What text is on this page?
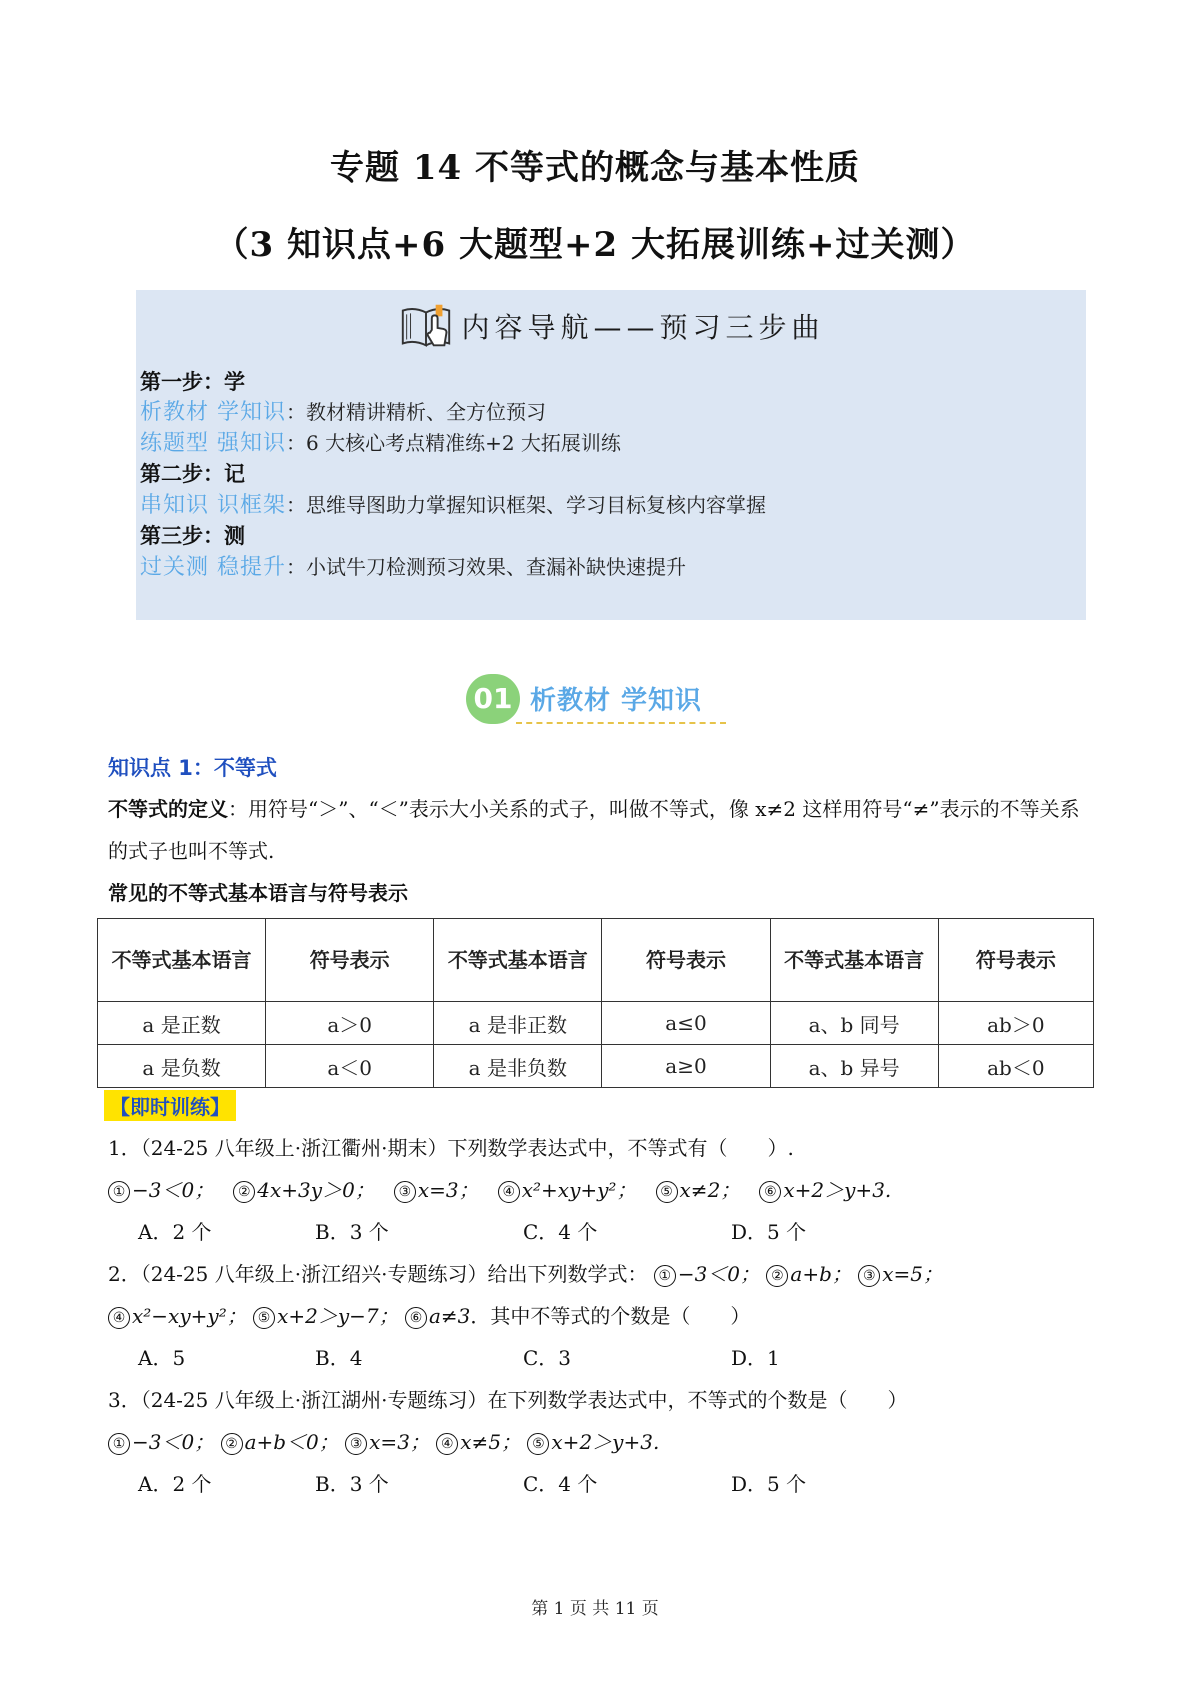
专题 14 不等式的概念与基本性质
（3 知识点+6 大题型+2 大拓展训练+过关测）
内容导航——预习三步曲
第一步：学
析教材 学知识：教材精讲精析、全方位预习
练题型 强知识：6 大核心考点精准练+2 大拓展训练
第二步：记
串知识 识框架：思维导图助力掌握知识框架、学习目标复核内容掌握
第三步：测
过关测 稳提升：小试牛刀检测预习效果、查漏补缺快速提升
01 析教材 学知识
知识点 1：不等式
不等式的定义：用符号“＞”、“＜”表示大小关系的式子，叫做不等式，像 x≠2 这样用符号“≠”表示的不等关系的式子也叫不等式.
常见的不等式基本语言与符号表示
不等式基本语言	符号表示	不等式基本语言	符号表示	不等式基本语言	符号表示
a 是正数	a＞0	a 是非正数	a≤0	a、b 同号	ab＞0
a 是负数	a＜0	a 是非负数	a≥0	a、b 异号	ab＜0
【即时训练】
1．（24-25 八年级上·浙江衢州·期末）下列数学表达式中，不等式有（　　）.
① −3＜0； ② 4x+3y＞0； ③ x=3； ④ x²+xy+y²； ⑤ x≠2； ⑥ x+2＞y+3.
A．2 个	B．3 个	C．4 个	D．5 个
2．（24-25 八年级上·浙江绍兴·专题练习）给出下列数学式： ① −3＜0； ② a+b； ③ x=5；
④ x²−xy+y²； ⑤ x+2＞y−7； ⑥ a≠3．其中不等式的个数是（　　）
A．5	B．4	C．3	D．1
3．（24-25 八年级上·浙江湖州·专题练习）在下列数学表达式中，不等式的个数是（　　）
① −3＜0； ② a+b＜0； ③ x=3； ④ x≠5； ⑤ x+2＞y+3.
A．2 个	B．3 个	C．4 个	D．5 个
第 1 页 共 11 页
